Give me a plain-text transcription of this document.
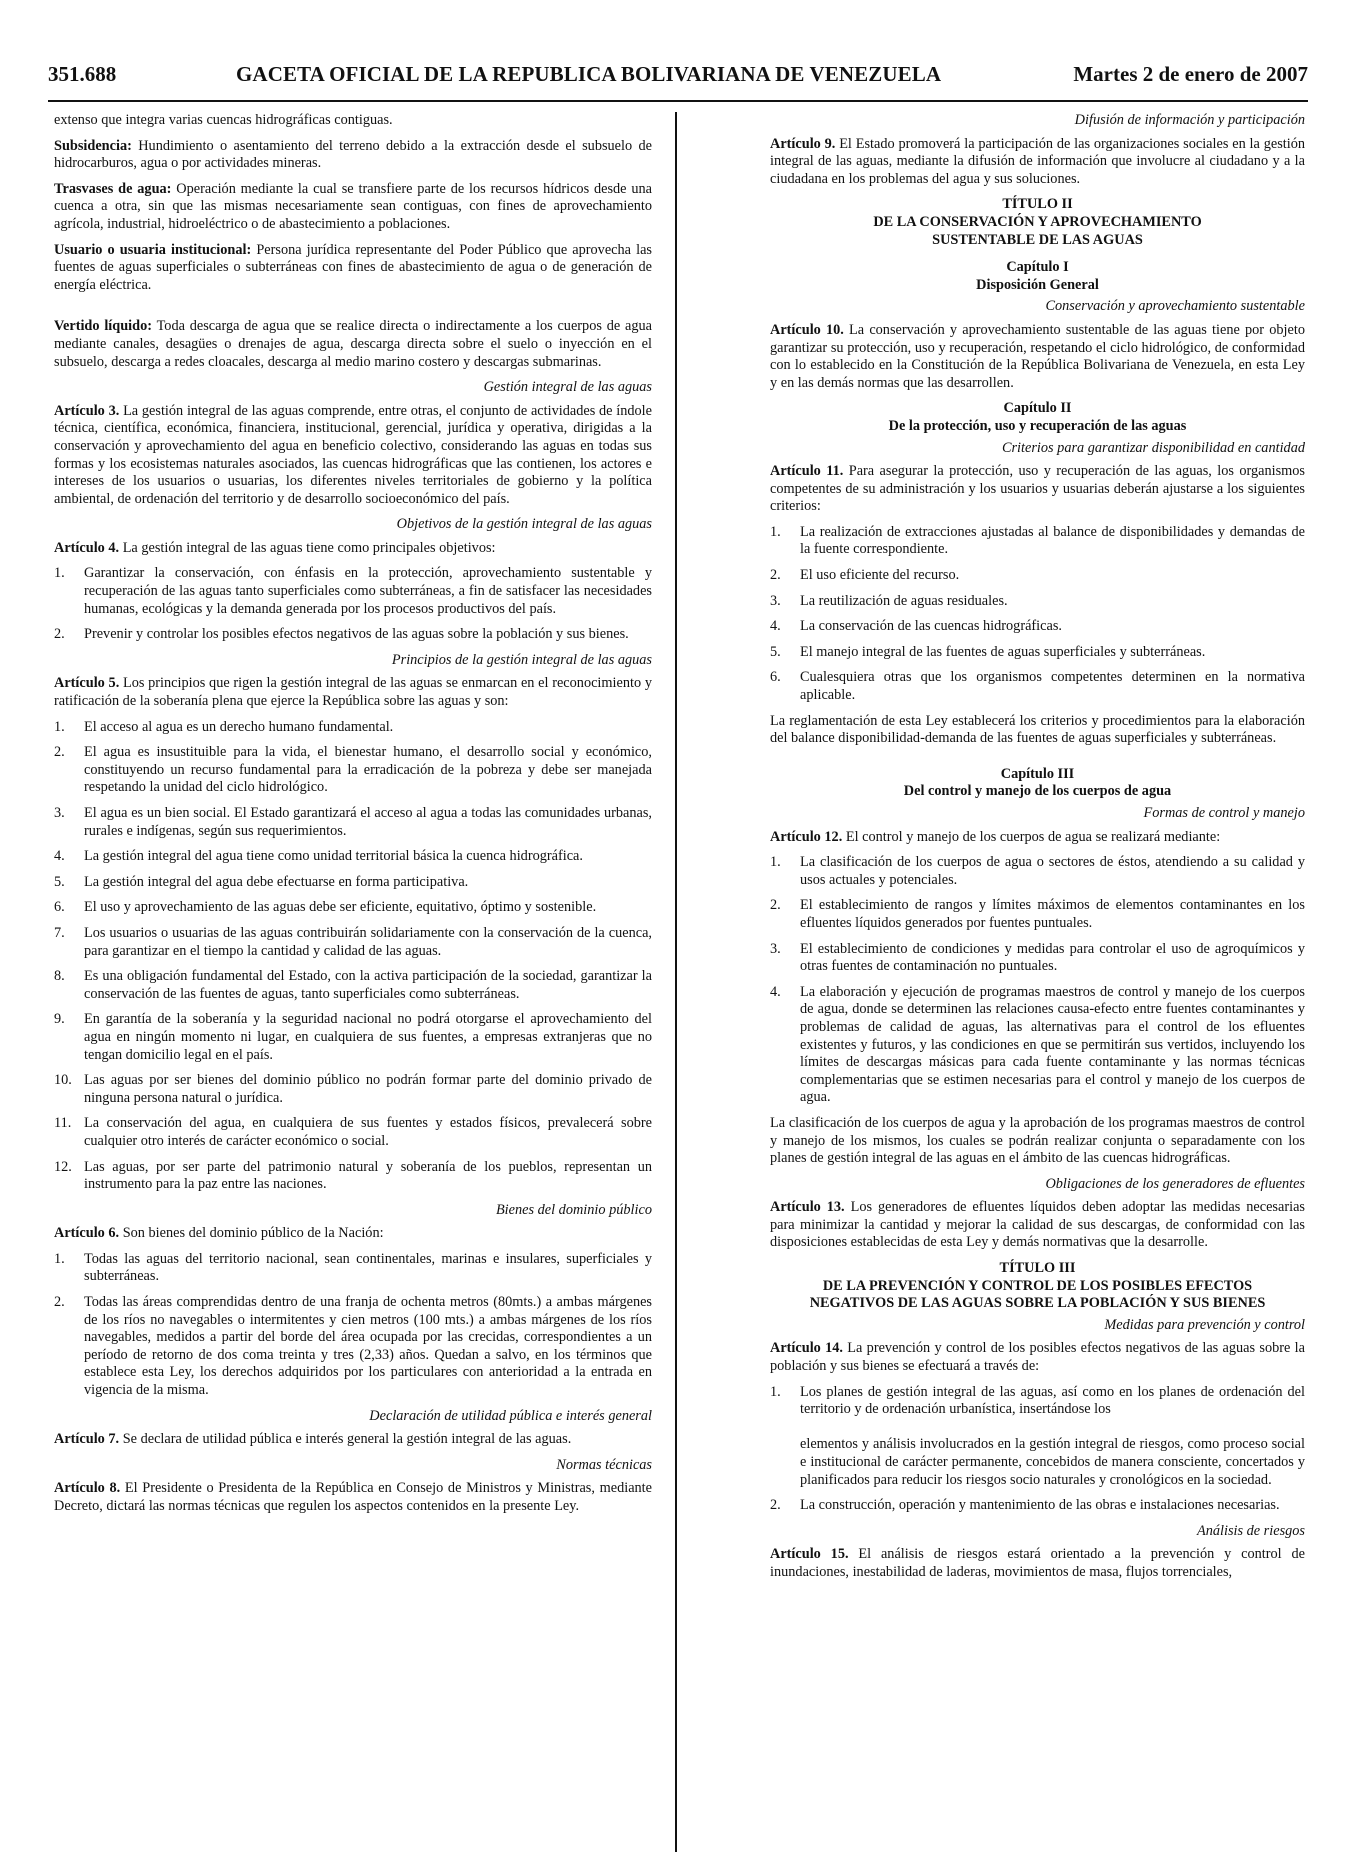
351.688	GACETA OFICIAL DE LA REPUBLICA BOLIVARIANA DE VENEZUELA	Martes 2 de enero de 2007

extenso que integra varias cuencas hidrográficas contiguas.

Subsidencia: Hundimiento o asentamiento del terreno debido a la extracción desde el subsuelo de hidrocarburos, agua o por actividades mineras.

Trasvases de agua: Operación mediante la cual se transfiere parte de los recursos hídricos desde una cuenca a otra, sin que las mismas necesariamente sean contiguas, con fines de aprovechamiento agrícola, industrial, hidroeléctrico o de abastecimiento a poblaciones.

Usuario o usuaria institucional: Persona jurídica representante del Poder Público que aprovecha las fuentes de aguas superficiales o subterráneas con fines de abastecimiento de agua o de generación de energía eléctrica.

Vertido líquido: Toda descarga de agua que se realice directa o indirectamente a los cuerpos de agua mediante canales, desagües o drenajes de agua, descarga directa sobre el suelo o inyección en el subsuelo, descarga a redes cloacales, descarga al medio marino costero y descargas submarinas.

Gestión integral de las aguas

Artículo 3. La gestión integral de las aguas comprende, entre otras, el conjunto de actividades de índole técnica, científica, económica, financiera, institucional, gerencial, jurídica y operativa, dirigidas a la conservación y aprovechamiento del agua en beneficio colectivo, considerando las aguas en todas sus formas y los ecosistemas naturales asociados, las cuencas hidrográficas que las contienen, los actores e intereses de los usuarios o usuarias, los diferentes niveles territoriales de gobierno y la política ambiental, de ordenación del territorio y de desarrollo socioeconómico del país.

Objetivos de la gestión integral de las aguas

Artículo 4. La gestión integral de las aguas tiene como principales objetivos:

1. Garantizar la conservación, con énfasis en la protección, aprovechamiento sustentable y recuperación de las aguas tanto superficiales como subterráneas, a fin de satisfacer las necesidades humanas, ecológicas y la demanda generada por los procesos productivos del país.
2. Prevenir y controlar los posibles efectos negativos de las aguas sobre la población y sus bienes.
Principios de la gestión integral de las aguas

Artículo 5. Los principios que rigen la gestión integral de las aguas se enmarcan en el reconocimiento y ratificación de la soberanía plena que ejerce la República sobre las aguas y son:

1. El acceso al agua es un derecho humano fundamental.
2. El agua es insustituible para la vida, el bienestar humano, el desarrollo social y económico, constituyendo un recurso fundamental para la erradicación de la pobreza y debe ser manejada respetando la unidad del ciclo hidrológico.
3. El agua es un bien social. El Estado garantizará el acceso al agua a todas las comunidades urbanas, rurales e indígenas, según sus requerimientos.
4. La gestión integral del agua tiene como unidad territorial básica la cuenca hidrográfica.
5. La gestión integral del agua debe efectuarse en forma participativa.
6. El uso y aprovechamiento de las aguas debe ser eficiente, equitativo, óptimo y sostenible.
7. Los usuarios o usuarias de las aguas contribuirán solidariamente con la conservación de la cuenca, para garantizar en el tiempo la cantidad y calidad de las aguas.
8. Es una obligación fundamental del Estado, con la activa participación de la sociedad, garantizar la conservación de las fuentes de aguas, tanto superficiales como subterráneas.
9. En garantía de la soberanía y la seguridad nacional no podrá otorgarse el aprovechamiento del agua en ningún momento ni lugar, en cualquiera de sus fuentes, a empresas extranjeras que no tengan domicilio legal en el país.
10. Las aguas por ser bienes del dominio público no podrán formar parte del dominio privado de ninguna persona natural o jurídica.
11. La conservación del agua, en cualquiera de sus fuentes y estados físicos, prevalecerá sobre cualquier otro interés de carácter económico o social.
12. Las aguas, por ser parte del patrimonio natural y soberanía de los pueblos, representan un instrumento para la paz entre las naciones.
Bienes del dominio público

Artículo 6. Son bienes del dominio público de la Nación:

1. Todas las aguas del territorio nacional, sean continentales, marinas e insulares, superficiales y subterráneas.
2. Todas las áreas comprendidas dentro de una franja de ochenta metros (80mts.) a ambas márgenes de los ríos no navegables o intermitentes y cien metros (100 mts.) a ambas márgenes de los ríos navegables, medidos a partir del borde del área ocupada por las crecidas, correspondientes a un período de retorno de dos coma treinta y tres (2,33) años. Quedan a salvo, en los términos que establece esta Ley, los derechos adquiridos por los particulares con anterioridad a la entrada en vigencia de la misma.
Declaración de utilidad pública e interés general

Artículo 7. Se declara de utilidad pública e interés general la gestión integral de las aguas.

Normas técnicas

Artículo 8. El Presidente o Presidenta de la República en Consejo de Ministros y Ministras, mediante Decreto, dictará las normas técnicas que regulen los aspectos contenidos en la presente Ley.

Difusión de información y participación

Artículo 9. El Estado promoverá la participación de las organizaciones sociales en la gestión integral de las aguas, mediante la difusión de información que involucre al ciudadano y a la ciudadana en los problemas del agua y sus soluciones.

TÍTULO II

DE LA CONSERVACIÓN Y APROVECHAMIENTO

SUSTENTABLE DE LAS AGUAS

Capítulo I

Disposición General

Conservación y aprovechamiento sustentable

Artículo 10. La conservación y aprovechamiento sustentable de las aguas tiene por objeto garantizar su protección, uso y recuperación, respetando el ciclo hidrológico, de conformidad con lo establecido en la Constitución de la República Bolivariana de Venezuela, en esta Ley y en las demás normas que las desarrollen.

Capítulo II

De la protección, uso y recuperación de las aguas

Criterios para garantizar disponibilidad en cantidad

Artículo 11. Para asegurar la protección, uso y recuperación de las aguas, los organismos competentes de su administración y los usuarios y usuarias deberán ajustarse a los siguientes criterios:

1. La realización de extracciones ajustadas al balance de disponibilidades y demandas de la fuente correspondiente.
2. El uso eficiente del recurso.
3. La reutilización de aguas residuales.
4. La conservación de las cuencas hidrográficas.
5. El manejo integral de las fuentes de aguas superficiales y subterráneas.
6. Cualesquiera otras que los organismos competentes determinen en la normativa aplicable.

La reglamentación de esta Ley establecerá los criterios y procedimientos para la elaboración del balance disponibilidad-demanda de las fuentes de aguas superficiales y subterráneas.

Capítulo III

Del control y manejo de los cuerpos de agua

Formas de control y manejo

Artículo 12. El control y manejo de los cuerpos de agua se realizará mediante:

1. La clasificación de los cuerpos de agua o sectores de éstos, atendiendo a su calidad y usos actuales y potenciales.
2. El establecimiento de rangos y límites máximos de elementos contaminantes en los efluentes líquidos generados por fuentes puntuales.
3. El establecimiento de condiciones y medidas para controlar el uso de agroquímicos y otras fuentes de contaminación no puntuales.
4. La elaboración y ejecución de programas maestros de control y manejo de los cuerpos de agua, donde se determinen las relaciones causa-efecto entre fuentes contaminantes y problemas de calidad de aguas, las alternativas para el control de los efluentes existentes y futuros, y las condiciones en que se permitirán sus vertidos, incluyendo los límites de descargas másicas para cada fuente contaminante y las normas técnicas complementarias que se estimen necesarias para el control y manejo de los cuerpos de agua.

La clasificación de los cuerpos de agua y la aprobación de los programas maestros de control y manejo de los mismos, los cuales se podrán realizar conjunta o separadamente con los planes de gestión integral de las aguas en el ámbito de las cuencas hidrográficas.

Obligaciones de los generadores de efluentes

Artículo 13. Los generadores de efluentes líquidos deben adoptar las medidas necesarias para minimizar la cantidad y mejorar la calidad de sus descargas, de conformidad con las disposiciones establecidas de esta Ley y demás normativas que la desarrolle.

TÍTULO III

DE LA PREVENCIÓN Y CONTROL DE LOS POSIBLES EFECTOS

NEGATIVOS DE LAS AGUAS SOBRE LA POBLACIÓN Y SUS BIENES

Medidas para prevención y control

Artículo 14. La prevención y control de los posibles efectos negativos de las aguas sobre la población y sus bienes se efectuará a través de:

1. Los planes de gestión integral de las aguas, así como en los planes de ordenación del territorio y de ordenación urbanística, insertándose los

elementos y análisis involucrados en la gestión integral de riesgos, como proceso social e institucional de carácter permanente, concebidos de manera consciente, concertados y planificados para reducir los riesgos socio naturales y cronológicos en la sociedad.
2. La construcción, operación y mantenimiento de las obras e instalaciones necesarias.
Análisis de riesgos

Artículo 15. El análisis de riesgos estará orientado a la prevención y control de inundaciones, inestabilidad de laderas, movimientos de masa, flujos torrenciales,
